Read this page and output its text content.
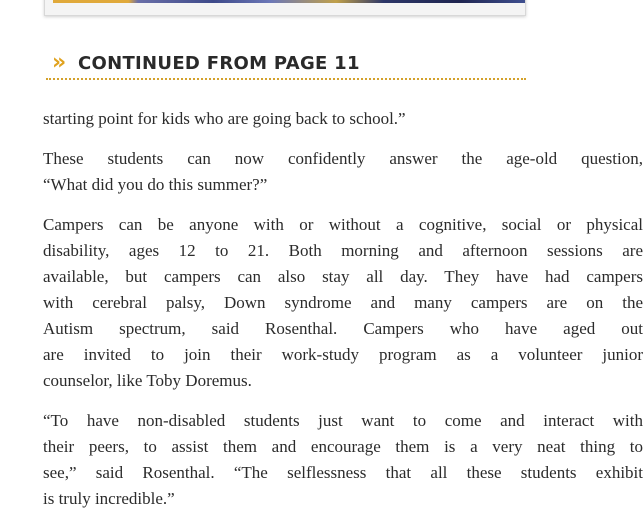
» CONTINUED FROM PAGE 11

starting point for kids who are going back to school.”

These students can now confidently answer the age-old question,
“What did you do this summer?”

Campers can be anyone with or without a cognitive, social or physical
disability, ages 12 to 21. Both morning and afternoon sessions are
available, but campers can also stay all day. They have had campers
with cerebral palsy, Down syndrome and many campers are on the
Autism spectrum, said Rosenthal. Campers who have aged out
are invited to join their work-study program as a volunteer junior
counselor, like Toby Doremus.

“To have non-disabled students just want to come and interact with
their peers, to assist them and encourage them is a very neat thing to
see,” said Rosenthal. “The selflessness that all these students exhibit
is truly incredible.”
